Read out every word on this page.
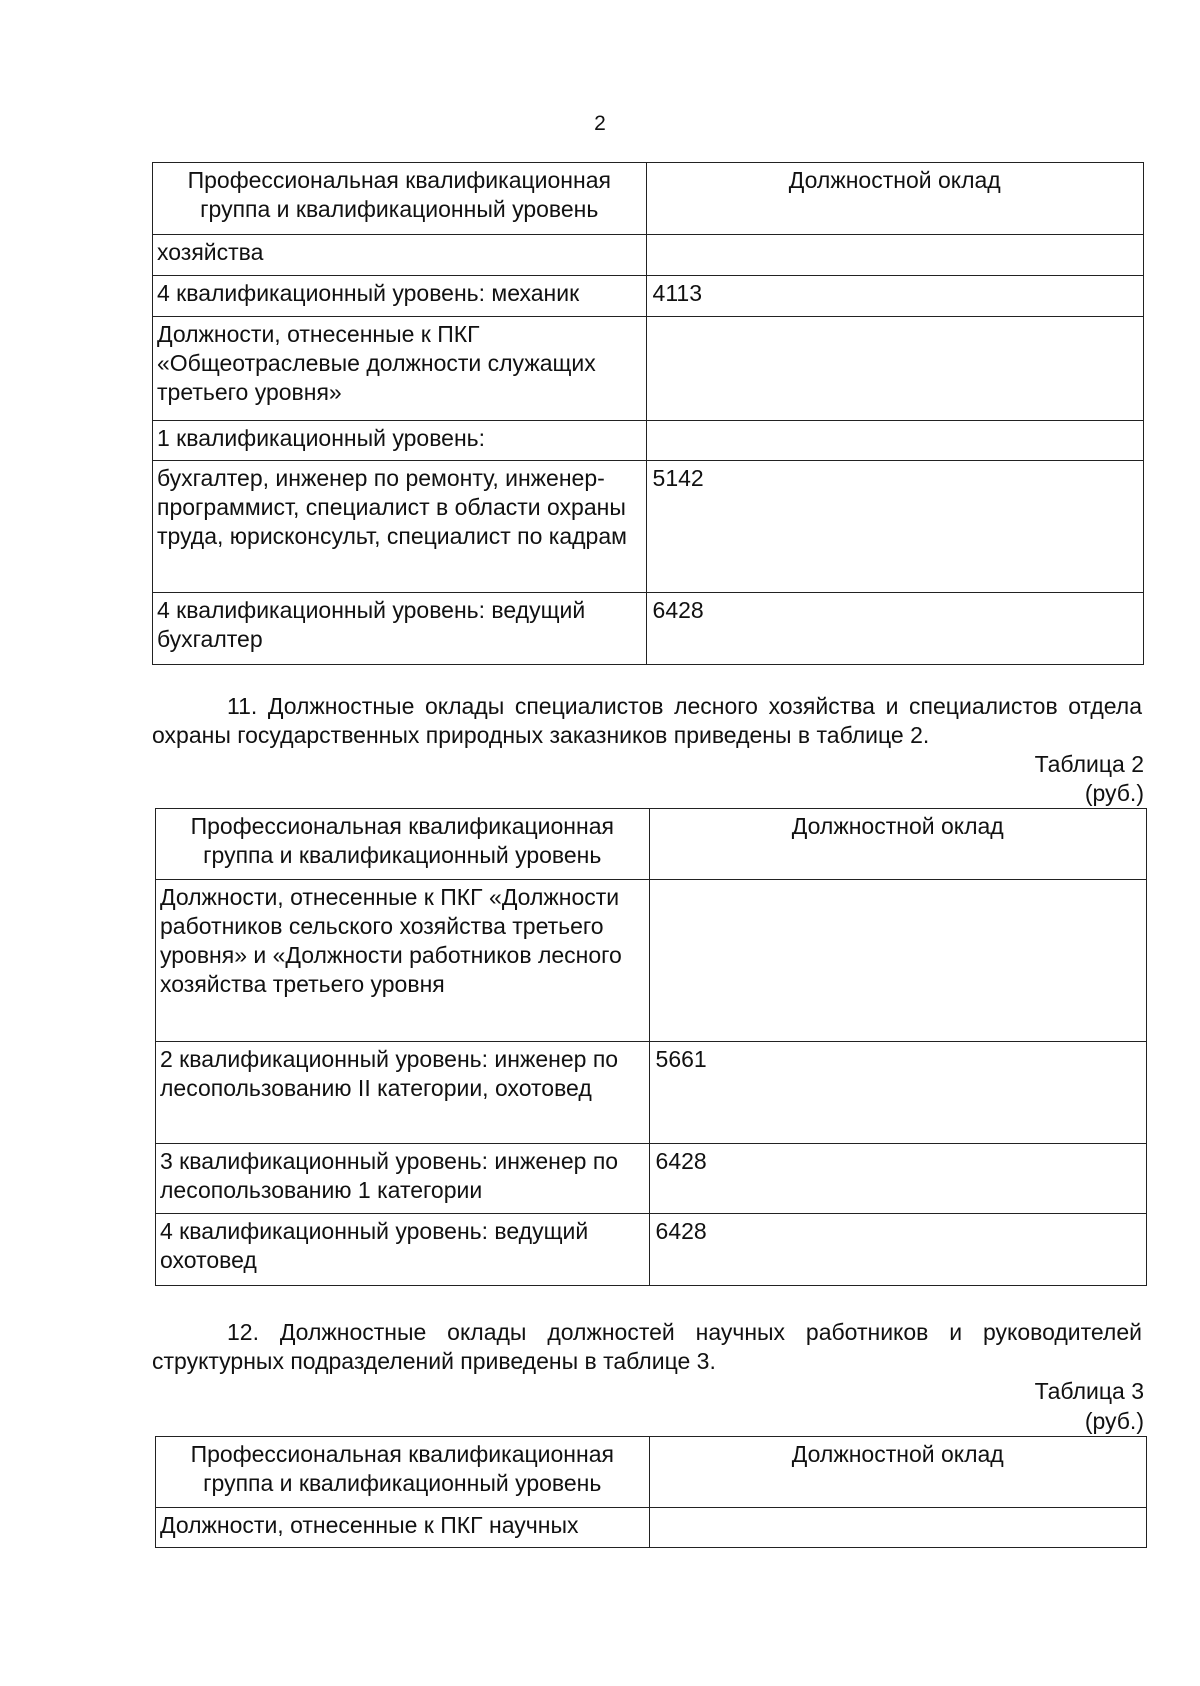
2
Профессиональная квалификационная группа и квалификационный уровень	Должностной оклад
хозяйства	
4 квалификационный уровень: механик	4113
Должности, отнесенные к ПКГ «Общеотраслевые должности служащих третьего уровня»	
1 квалификационный уровень:	
бухгалтер, инженер по ремонту, инженер-программист, специалист в области охраны труда, юрисконсульт, специалист по кадрам	5142
4 квалификационный уровень: ведущий бухгалтер	6428
11. Должностные оклады специалистов лесного хозяйства и специалистов отдела охраны государственных природных заказников приведены в таблице 2.
Таблица 2
(руб.)
Профессиональная квалификационная группа и квалификационный уровень	Должностной оклад
Должности, отнесенные к ПКГ «Должности работников сельского хозяйства третьего уровня» и «Должности работников лесного хозяйства третьего уровня	
2 квалификационный уровень: инженер по лесопользованию II категории, охотовед	5661
3 квалификационный уровень: инженер по лесопользованию 1 категории	6428
4 квалификационный уровень: ведущий охотовед	6428
12. Должностные оклады должностей научных работников и руководителей структурных подразделений приведены в таблице 3.
Таблица 3
(руб.)
Профессиональная квалификационная группа и квалификационный уровень	Должностной оклад
Должности, отнесенные к ПКГ научных	
